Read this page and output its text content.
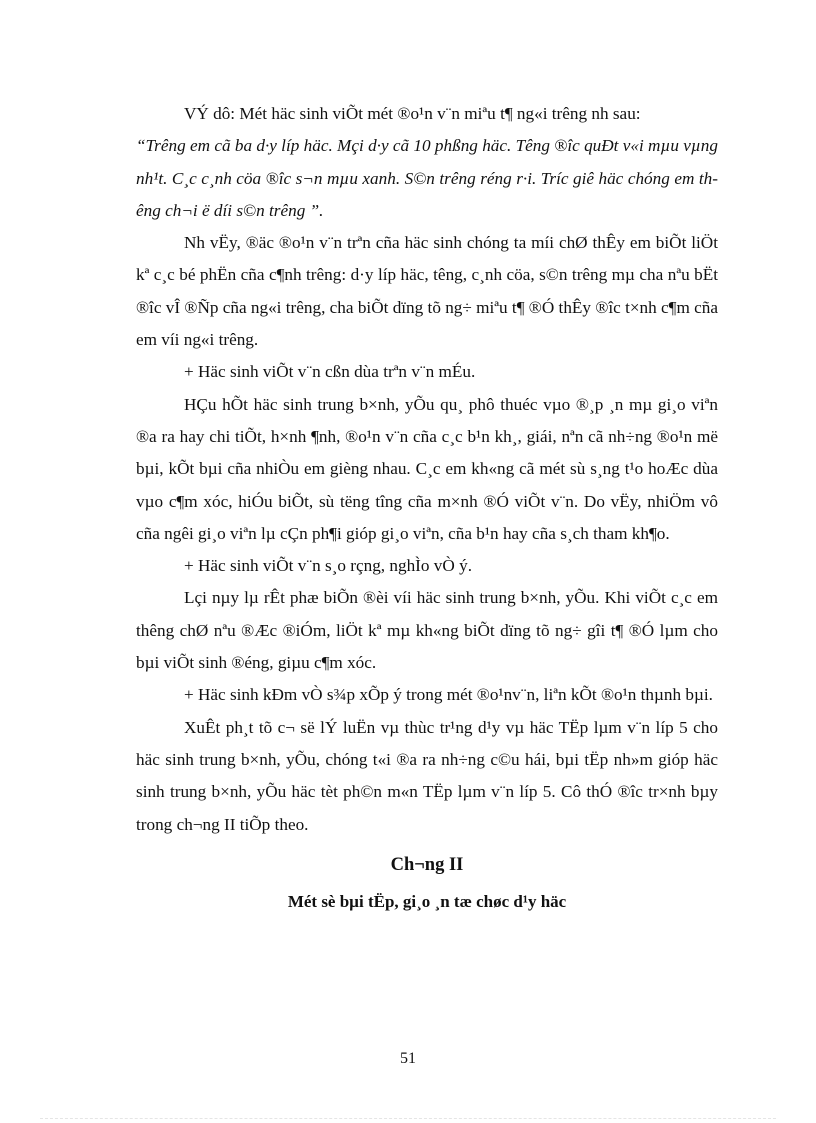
VÝ dô: Mét häc sinh viÕt mét ®o¹n v¨n miªu t¶ ng«i trêng nh sau:

“Trêng em cã ba d·y líp häc. Mçi d·y cã 10 phßng häc. Têng ®îc quÐt v«i mµu vµng nh¹t. C¸c c¸nh cöa ®îc s¬n mµu xanh. S©n trêng réng r·i. Tríc giê häc chóng em thêng ch¬i ë díi s©n trêng ”.

Nh vËy, ®äc ®o¹n v¨n trªn cña häc sinh chóng ta míi chØ thÊy em biÕt liÖt kª c¸c bé phËn cña c¶nh trêng: d·y líp häc, têng, c¸nh cöa, s©n trêng mµ cha nªu bËt ®îc vÎ ®Ñp cña ng«i trêng, cha biÕt dïng tõ ng÷ miªu t¶ ®Ó thÊy ®îc t×nh c¶m cña em víi ng«i trêng.

+ Häc sinh viÕt v¨n cßn dùa trªn v¨n mÉu.

HÇu hÕt häc sinh trung b×nh, yÕu qu¸ phô thuéc vµo ®¸p ¸n mµ gi¸o viªn ®a ra hay chi tiÕt, h×nh ¶nh, ®o¹n v¨n cña c¸c b¹n kh¸, giái, nªn cã nh÷ng ®o¹n më bµi, kÕt bµi cña nhiÒu em gièng nhau. C¸c em kh«ng cã mét sù s¸ng t¹o hoÆc dùa vµo c¶m xóc, hiÓu biÕt, sù tëng tîng cña m×nh ®Ó viÕt v¨n. Do vËy, nhiÖm vô cña ngêi gi¸o viªn lµ cÇn ph¶i gióp gi¸o viªn, cña b¹n hay cña s¸ch tham kh¶o.

+ Häc sinh viÕt v¨n s¸o rçng, nghÌo vÒ ý.

Lçi nµy lµ rÊt phæ biÕn ®èi víi häc sinh trung b×nh, yÕu. Khi viÕt c¸c em thêng chØ nªu ®Æc ®iÓm, liÖt kª mµ kh«ng biÕt dïng tõ ng÷ gîi t¶ ®Ó lµm cho bµi viÕt sinh ®éng, giµu c¶m xóc.

+ Häc sinh kÐm vÒ s¾p xÕp ý trong mét ®o¹nv¨n, liªn kÕt ®o¹n thµnh bµi.

XuÊt ph¸t tõ c¬ së lÝ luËn vµ thùc tr¹ng d¹y vµ häc TËp lµm v¨n líp 5 cho häc sinh trung b×nh, yÕu, chóng t«i ®a ra nh÷ng c©u hái, bµi tËp nh»m gióp häc sinh trung b×nh, yÕu häc tèt ph©n m«n TËp lµm v¨n líp 5. Cô thÓ ®îc tr×nh bµy trong ch¬ng II tiÕp theo.

Ch¬ng II
Mét sè bµi tËp, gi¸o ¸n tæ chøc d¹y häc
51
